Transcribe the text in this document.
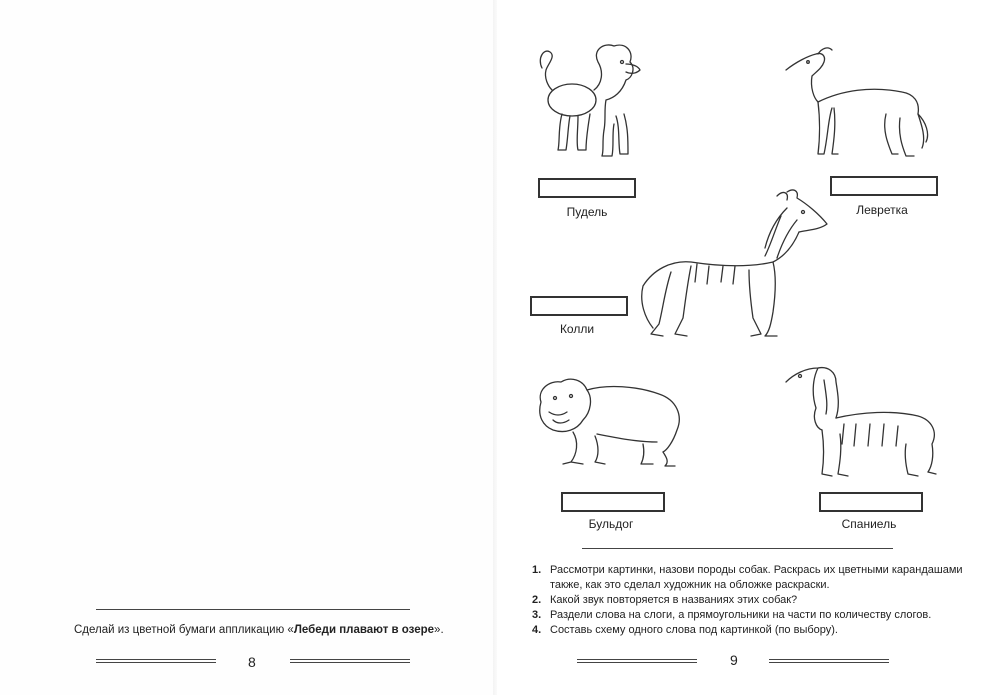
Сделай из цветной бумаги аппликацию «Лебеди плавают в озере».
8
Пудель	Левретка
Колли
Бульдог	Спаниель
1. Рассмотри картинки, назови породы собак. Раскрась их цветными карандашами также, как это сделал художник на обложке раскраски.
2. Какой звук повторяется в названиях этих собак?
3. Раздели слова на слоги, а прямоугольники на части по количеству слогов.
4. Составь схему одного слова под картинкой (по выбору).
9
